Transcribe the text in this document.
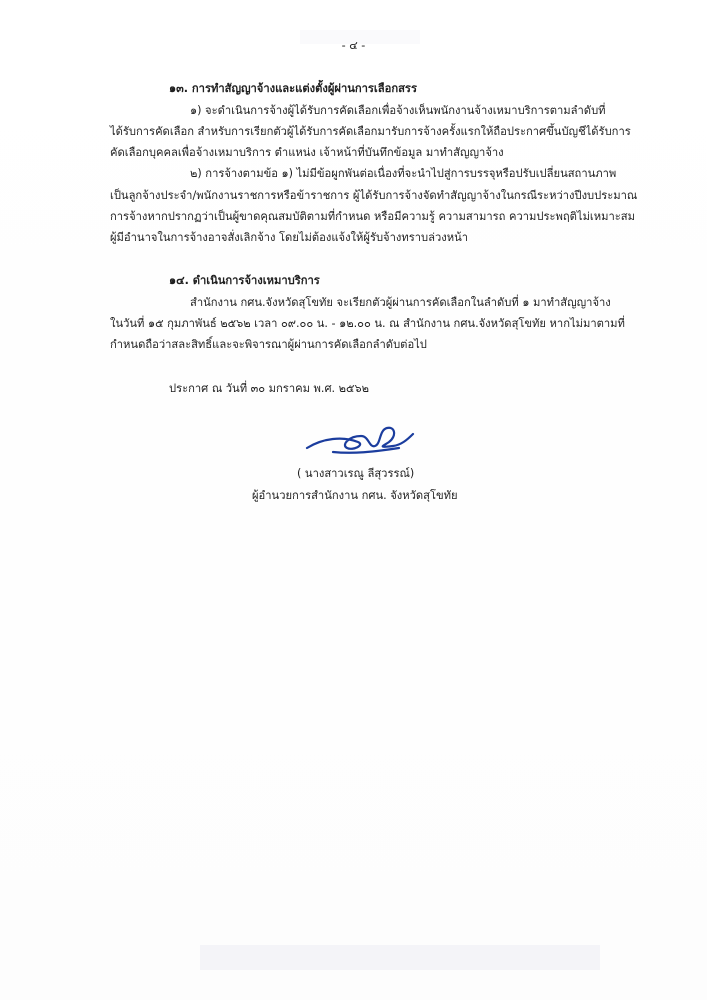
- ๔ -
๑๓. การทำสัญญาจ้างและแต่งตั้งผู้ผ่านการเลือกสรร
๑) จะดำเนินการจ้างผู้ได้รับการคัดเลือกเพื่อจ้างเห็นพนักงานจ้างเหมาบริการตามลำดับที่
ได้รับการคัดเลือก สำหรับการเรียกตัวผู้ได้รับการคัดเลือกมารับการจ้างครั้งแรกให้ถือประกาศขึ้นบัญชีได้รับการ
คัดเลือกบุคคลเพื่อจ้างเหมาบริการ ตำแหน่ง เจ้าหน้าที่บันทึกข้อมูล มาทำสัญญาจ้าง
๒) การจ้างตามข้อ ๑) ไม่มีข้อผูกพันต่อเนื่องที่จะนำไปสู่การบรรจุหรือปรับเปลี่ยนสถานภาพ
เป็นลูกจ้างประจำ/พนักงานราชการหรือข้าราชการ ผู้ได้รับการจ้างจัดทำสัญญาจ้างในกรณีระหว่างปีงบประมาณ
การจ้างหากปรากฏว่าเป็นผู้ขาดคุณสมบัติตามที่กำหนด หรือมีความรู้ ความสามารถ ความประพฤติไม่เหมาะสม
ผู้มีอำนาจในการจ้างอาจสั่งเลิกจ้าง โดยไม่ต้องแจ้งให้ผู้รับจ้างทราบล่วงหน้า
๑๔. ดำเนินการจ้างเหมาบริการ
สำนักงาน กศน.จังหวัดสุโขทัย จะเรียกตัวผู้ผ่านการคัดเลือกในลำดับที่ ๑ มาทำสัญญาจ้าง
ในวันที่ ๑๕ กุมภาพันธ์ ๒๕๖๒ เวลา ๐๙.๐๐ น. - ๑๒.๐๐ น. ณ สำนักงาน กศน.จังหวัดสุโขทัย หากไม่มาตามที่
กำหนดถือว่าสละสิทธิ์และจะพิจารณาผู้ผ่านการคัดเลือกลำดับต่อไป
ประกาศ ณ วันที่ ๓๐ มกราคม พ.ศ. ๒๕๖๒
( นางสาวเรณู ลีสุวรรณ์)
ผู้อำนวยการสำนักงาน กศน. จังหวัดสุโขทัย
